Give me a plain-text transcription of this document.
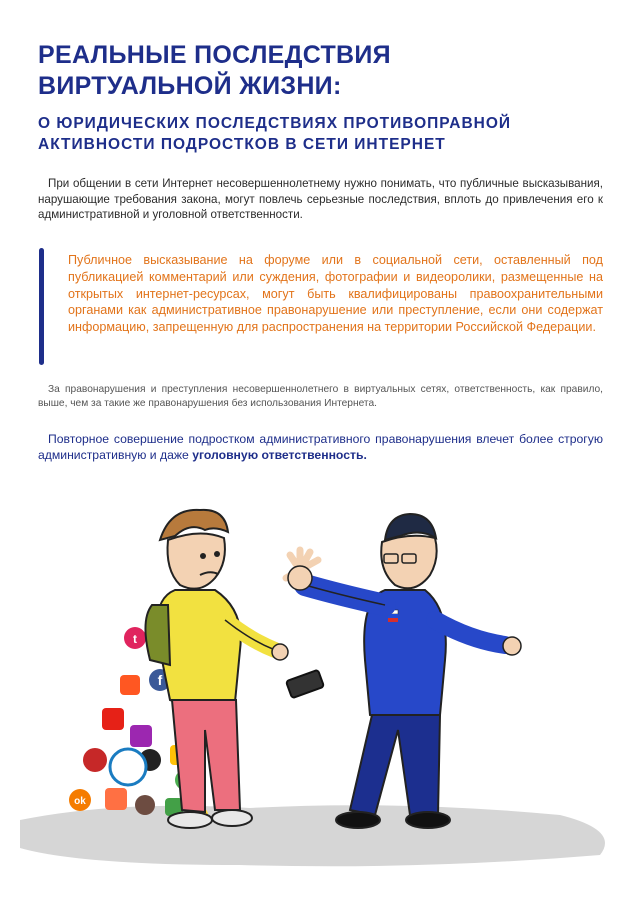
РЕАЛЬНЫЕ ПОСЛЕДСТВИЯ
ВИРТУАЛЬНОЙ ЖИЗНИ:
О ЮРИДИЧЕСКИХ ПОСЛЕДСТВИЯХ ПРОТИВОПРАВНОЙ
АКТИВНОСТИ ПОДРОСТКОВ В СЕТИ ИНТЕРНЕТ

При общении в сети Интернет несовершеннолетнему нужно понимать, что публичные высказывания, нарушающие требования закона, могут повлечь серьезные последствия, вплоть до привлечения его к административной и уголовной ответственности.

Публичное высказывание на форуме или в социальной сети, оставленный под публикацией комментарий или суждения, фотографии и видеоролики, размещенные на открытых интернет-ресурсах, могут быть квалифицированы правоохранительными органами как административное правонарушение или преступление, если они содержат информацию, запрещенную для распространения на территории Российской Федерации.

За правонарушения и преступления несовершеннолетнего в виртуальных сетях, ответственность, как правило, выше, чем за такие же правонарушения без использования Интернета.

Повторное совершение подростком административного правонарушения влечет более строгую административную и даже уголовную ответственность.

t
f
ok
